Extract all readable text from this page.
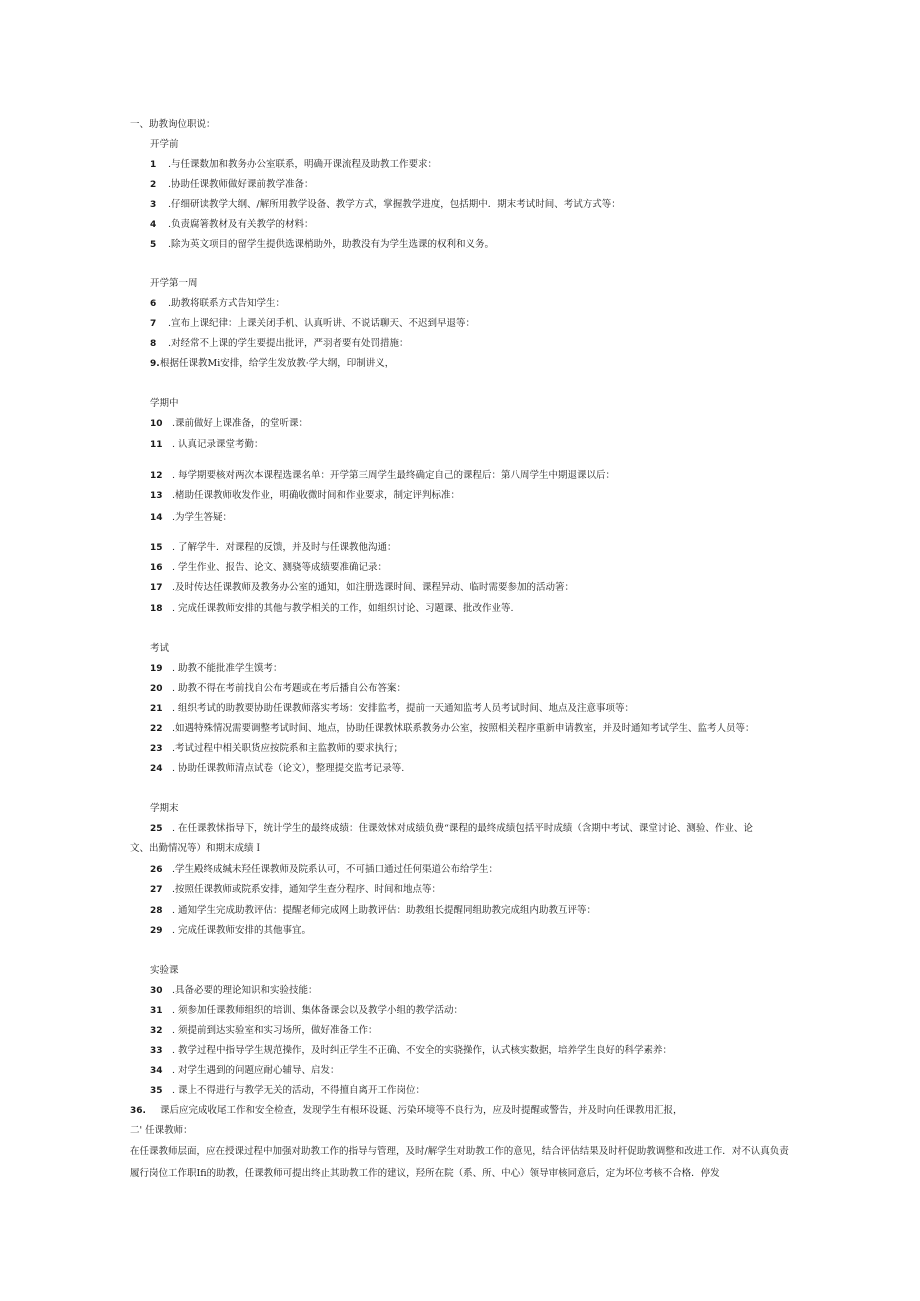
一、助教询位职说：
开学前
1 .与任课数加和教务办公室联系，明确开课流程及助教工作要求：
2 .协助任课教师做好课前教学准备：
3 .仔细研读教学大纲、/解所用教学设备、教学方式，掌握教学进度，包括期中．期末考试时间、考试方式等：
4 .负责腐箸教材及有关教学的材料：
5 .除为英文项目的留学生提供选课梢助外，助教没有为学生选课的权利和义务。
开学第一周
6 .助教将联系方式告知学生：
7 .宣布上课纪律：上课关闭手机、认真听讲、不说话聊天、不迟到早退等：
8 .对经常不上课的学生要提出批评，严羽者要有处罚措施：
9. 根据任课教Mi安排，给学生发放教·学大纲，印制讲义，
学期中
10 .课前做好上课准备，的堂听课：
11 . 认真记录课堂考勤：
12 . 每学期要核对两次本课程选课名单：开学第三周学生最终确定自己的课程后：第八周学生中期退课以后：
13 .楮助任课教师收发作业，明确收微时间和作业要求，制定评判标准：
14 .为学生答疑：
15 . 了解学牛．对课程的反馈，并及时与任课教他沟通：
16 . 学生作业、报告、论文、测骁等成绩要准确记录：
17 .及时传达任课教师及教务办公室的通知，如注册选课时间、课程异动、临时需要参加的活动箸：
18 . 完成任课教师安排的其他与教学相关的工作，如组织讨论、习题课、批改作业等.
考试
19 . 助教不能批准学生馍考：
20 . 助教不得在考前找自公布考题或在考后播自公布答案：
21 . 组织考试的助教要协助任课教师落实考场：安排监考，提前一天通知监考人员考试时间、地点及注意事项等：
22 .如遇特殊情况需要调整考试时间、地点，协助任课教怵联系教务办公室，按照相关程序重新申请教室，并及时通知考试学生、监考人员等：
23 .考试过程中相关职货应按院系和主监教师的要求执行；
24 . 协助任课教师清点试卷（论文），整理提交监考记录等.
学期末
25 . 在任课教怵指导下，统计学生的最终成绩：住课效怵对成绩负费“课程的最终成绩包括平时成绩（含期中考试、课堂讨论、测验、作业、论
文、出勤情况等）和期末成绩Ｉ
26 .学生殿终成缄未羟任课教师及院系认可，不可插口通过任何渠道公布给学生：
27 .按照任课教师或院系安排，通知学生查分程序、时间和地点等：
28 . 通知学生完成助教评估：提醒老师完成网上助教评估：助教组长提醒同组助教完成组内助教互评等：
29 . 完成任课教师安排的其他事宜。
实验课
30 .具备必要的理论知识和实验技能：
31 . 须参加任课教师组织的培训、集体备课会以及教学小组的教学活动：
32 . 须提前到达实验室和实习场所，做好准备工作：
33 . 教学过程中指导学生规范操作，及时纠正学生不正确、不安全的实骁操作，认式核实数据，培养学生良好的科学素养：
34 . 对学生遇到的问题应耐心辅导、启发：
35 . 课上不得进行与教学无关的活动，不得擅自离开工作岗位：
36. 课后应完成收尾工作和安全检查，发现学生有根环设诞、污染环境等不良行为，应及时提醒或警告，并及时向任课教用汇报，
二' 任课教师：
在任课教师层面，应在授课过程中加强对助教工作的指导与管理，及时/解学生对助教工作的意见，结合评估结果及时杆促助教调整和改进工作．对不认真负责履行岗位工作职Ifi的助教，任课教师可提出终止其助教工作的建议，羟所在院（系、所、中心）领导审核同意后，定为坏位考核不合格．停发
